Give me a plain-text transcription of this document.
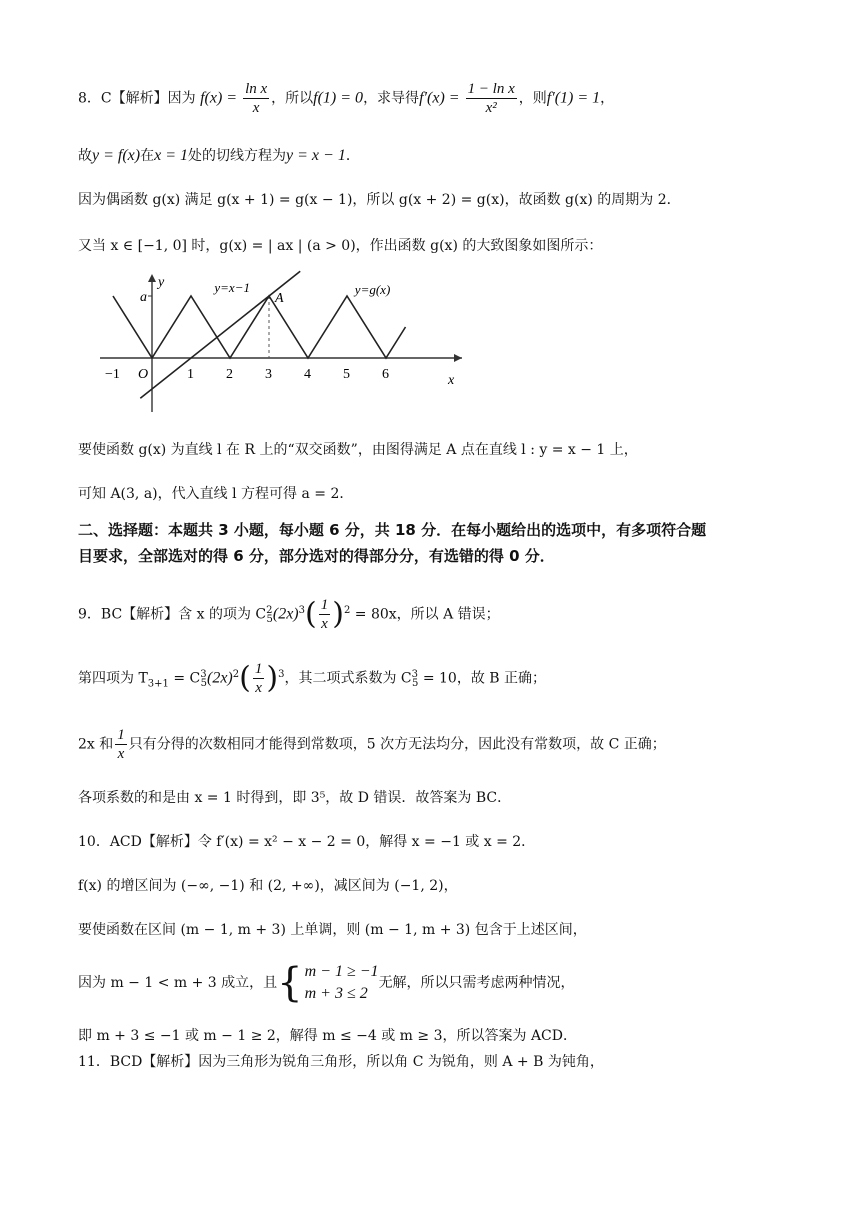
8．C【解析】因为 $f(x) = \frac{\text{ln x}}{x}$ ，所以f(1) = 0，求导得$f'(x) = \frac{\text{1 − ln x}}{\text{x²}}$ ，则f′(1) = 1，
故y = f(x)在x = 1处的切线方程为y = x − 1．
因为偶函数 g(x) 满足 g(x + 1) = g(x − 1)，所以 g(x + 2) = g(x)，故函数 g(x) 的周期为 2．
又当 x ∈ [−1, 0] 时，g(x) = | ax | (a > 0)，作出函数 g(x) 的大致图象如图所示：
−1	1 2 3 4 5 6
O
a
y
x
A
y=x−1	y=g(x)
要使函数 g(x) 为直线 l 在 R 上的“双交函数”，由图得满足 A 点在直线 l : y = x − 1 上，
可知 A(3, a)，代入直线 l 方程可得 a = 2．
二、选择题：本题共 3 小题，每小题 6 分，共 18 分．在每小题给出的选项中，有多项符合题
目要求，全部选对的得 6 分，部分选对的得部分分，有选错的得 0 分．
9．BC【解析】含 x 的项为 $C^2_5(2x)^3( \frac{1}{x} )^2 = 80x$，所以 A 错误；
第四项为 $T_{3+1} = C^3_5(2x)^2( \frac{1}{x} )^3$，其二项式系数为 $C^3_5 = 10$，故 B 正确；
2x 和 $\frac{1}{x}$ 只有分得的次数相同才能得到常数项，5 次方无法均分，因此没有常数项，故 C 正确；
各项系数的和是由 x = 1 时得到，即 3⁵，故 D 错误．故答案为 BC．
10．ACD【解析】令 f′(x) = x² − x − 2 = 0，解得 x = −1 或 x = 2．
f(x) 的增区间为 (−∞, −1) 和 (2, +∞)，减区间为 (−1, 2)，
要使函数在区间 (m − 1, m + 3) 上单调，则 (m − 1, m + 3) 包含于上述区间，
因为 m − 1 < m + 3 成立，且{ m − 1 ≥ −1
m + 3 ≤ 2
无解，所以只需考虑两种情况，
即 m + 3 ≤ −1 或 m − 1 ≥ 2，解得 m ≤ −4 或 m ≥ 3，所以答案为 ACD．
11．BCD【解析】因为三角形为锐角三角形，所以角 C 为锐角，则 A + B 为钝角，
